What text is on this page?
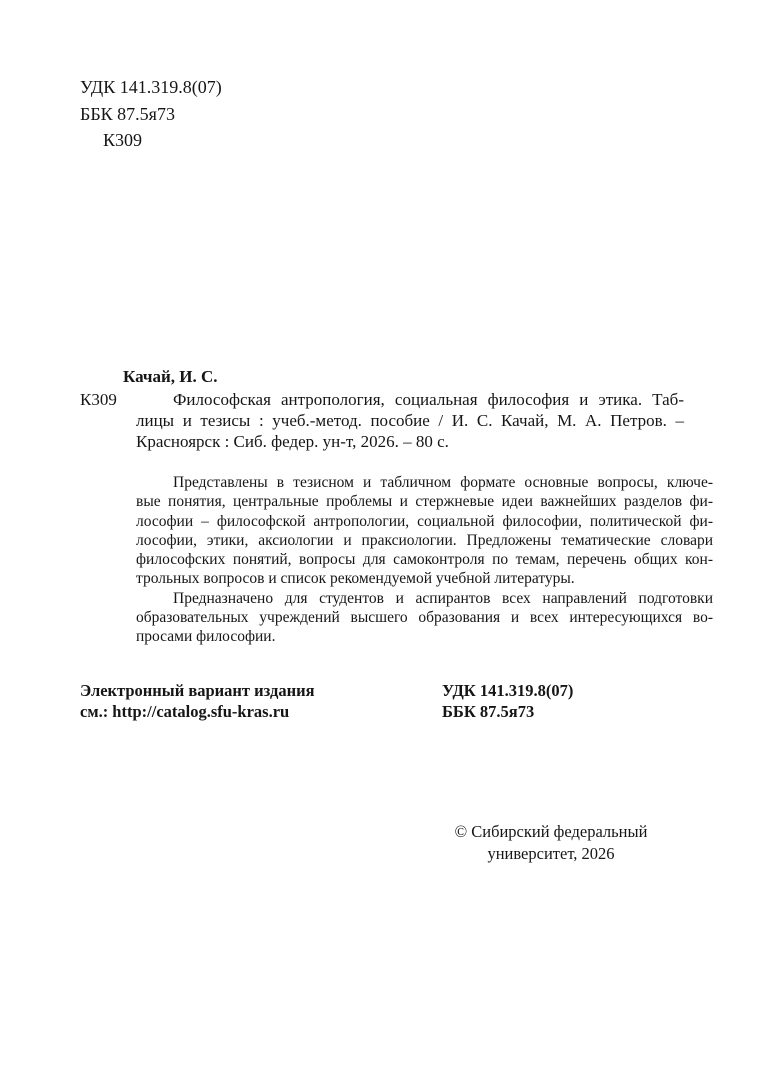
УДК 141.319.8(07)
ББК 87.5я73
К309
Качай, И. С.
К309	Философская антропология, социальная философия и этика. Таб-
лицы и тезисы : учеб.-метод. пособие / И. С. Качай, М. А. Петров. –
Красноярск : Сиб. федер. ун-т, 2026. – 80 с.
Представлены в тезисном и табличном формате основные вопросы, ключе-
вые понятия, центральные проблемы и стержневые идеи важнейших разделов фи-
лософии – философской антропологии, социальной философии, политической фи-
лософии, этики, аксиологии и праксиологии. Предложены тематические словари
философских понятий, вопросы для самоконтроля по темам, перечень общих кон-
трольных вопросов и список рекомендуемой учебной литературы.
Предназначено для студентов и аспирантов всех направлений подготовки
образовательных учреждений высшего образования и всех интересующихся во-
просами философии.
Электронный вариант издания
см.: http://catalog.sfu-kras.ru
УДК 141.319.8(07)
ББК 87.5я73
© Сибирский федеральный
университет, 2026
